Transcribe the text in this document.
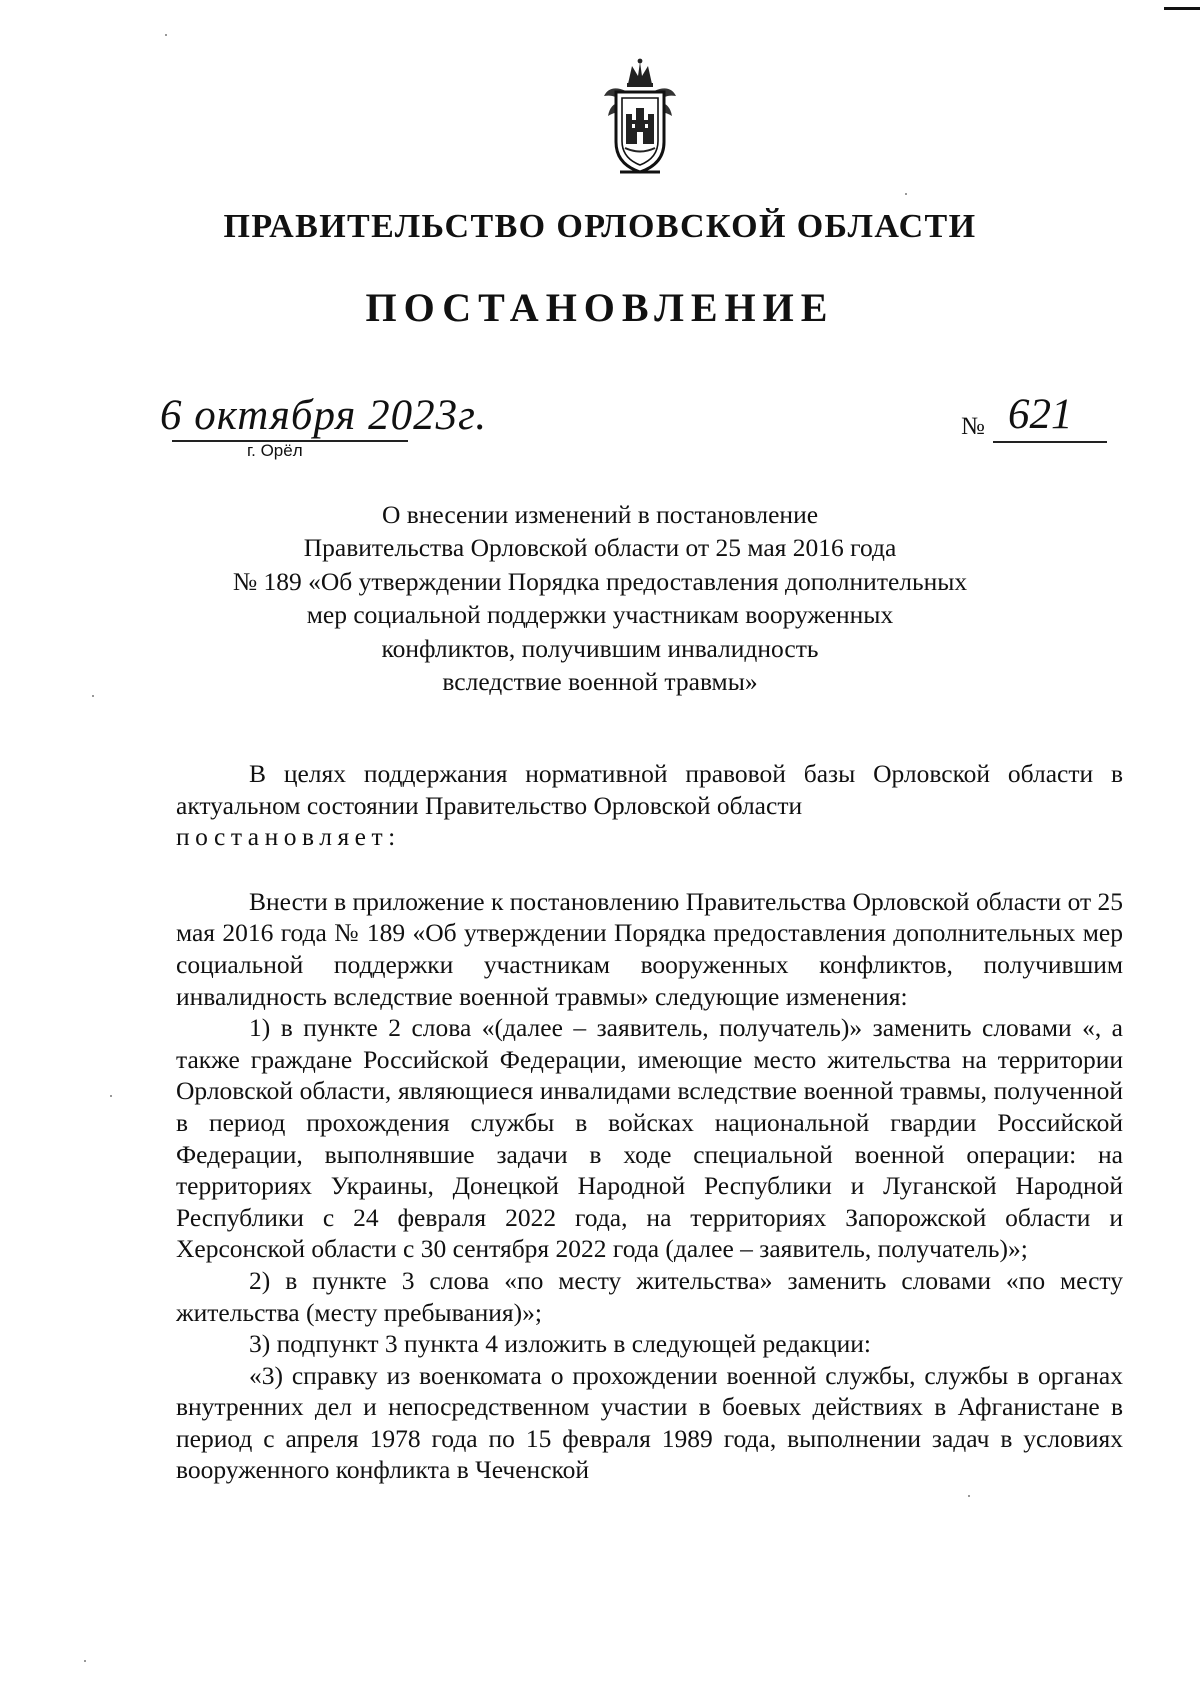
ПРАВИТЕЛЬСТВО ОРЛОВСКОЙ ОБЛАСТИ
ПОСТАНОВЛЕНИЕ
6 октября 2023г.
г. Орёл
№ 621
О внесении изменений в постановление
Правительства Орловской области от 25 мая 2016 года
№ 189 «Об утверждении Порядка предоставления дополнительных
мер социальной поддержки участникам вооруженных
конфликтов, получившим инвалидность
вследствие военной травмы»

В целях поддержания нормативной правовой базы Орловской области в актуальном состоянии Правительство Орловской области

постановляет:

Внести в приложение к постановлению Правительства Орловской области от 25 мая 2016 года № 189 «Об утверждении Порядка предоставления дополнительных мер социальной поддержки участникам вооруженных конфликтов, получившим инвалидность вследствие военной травмы» следующие изменения:

1) в пункте 2 слова «(далее – заявитель, получатель)» заменить словами «, а также граждане Российской Федерации, имеющие место жительства на территории Орловской области, являющиеся инвалидами вследствие военной травмы, полученной в период прохождения службы в войсках национальной гвардии Российской Федерации, выполнявшие задачи в ходе специальной военной операции: на территориях Украины, Донецкой Народной Республики и Луганской Народной Республики с 24 февраля 2022 года, на территориях Запорожской области и Херсонской области с 30 сентября 2022 года (далее – заявитель, получатель)»;

2) в пункте 3 слова «по месту жительства» заменить словами «по месту жительства (месту пребывания)»;

3) подпункт 3 пункта 4 изложить в следующей редакции:

«3) справку из военкомата о прохождении военной службы, службы в органах внутренних дел и непосредственном участии в боевых действиях в Афганистане в период с апреля 1978 года по 15 февраля 1989 года, выполнении задач в условиях вооруженного конфликта в Чеченской
